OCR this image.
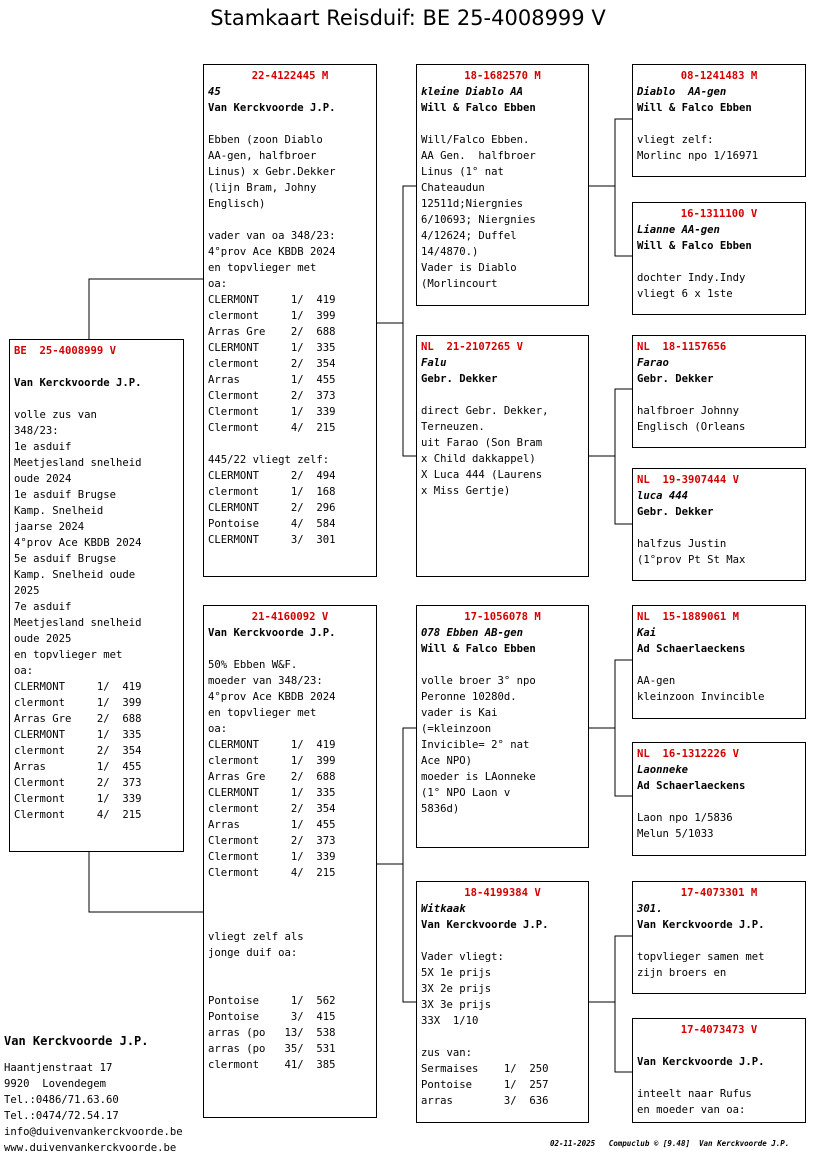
Stamkaart Reisduif: BE 25-4008999 V
BE  25-4008999 V
Van Kerckvoorde J.P.
volle zus van
348/23:
1e asduif
Meetjesland snelheid
oude 2024
1e asduif Brugse
Kamp. Snelheid
jaarse 2024
4°prov Ace KBDB 2024
5e asduif Brugse
Kamp. Snelheid oude
2025
7e asduif
Meetjesland snelheid
oude 2025
en topvlieger met
oa:
CLERMONT     1/  419
clermont     1/  399
Arras Gre    2/  688
CLERMONT     1/  335
clermont     2/  354
Arras        1/  455
Clermont     2/  373
Clermont     1/  339
Clermont     4/  215
22-4122445 M
45
Van Kerckvoorde J.P.
Ebben (zoon Diablo
AA-gen, halfbroer
Linus) x Gebr.Dekker
(lijn Bram, Johny
Englisch)
vader van oa 348/23:
4°prov Ace KBDB 2024
en topvlieger met
oa:
CLERMONT     1/  419
clermont     1/  399
Arras Gre    2/  688
CLERMONT     1/  335
clermont     2/  354
Arras        1/  455
Clermont     2/  373
Clermont     1/  339
Clermont     4/  215
445/22 vliegt zelf:
CLERMONT     2/  494
clermont     1/  168
CLERMONT     2/  296
Pontoise     4/  584
CLERMONT     3/  301
21-4160092 V
Van Kerckvoorde J.P.
50% Ebben W&F.
moeder van 348/23:
4°prov Ace KBDB 2024
en topvlieger met
oa:
CLERMONT     1/  419
clermont     1/  399
Arras Gre    2/  688
CLERMONT     1/  335
clermont     2/  354
Arras        1/  455
Clermont     2/  373
Clermont     1/  339
Clermont     4/  215
vliegt zelf als
jonge duif oa:
Pontoise     1/  562
Pontoise     3/  415
arras (po   13/  538
arras (po   35/  531
clermont    41/  385
18-1682570 M
kleine Diablo AA
Will & Falco Ebben
Will/Falco Ebben.
AA Gen.  halfbroer
Linus (1° nat
Chateaudun
12511d;Niergnies
6/10693; Niergnies
4/12624; Duffel
14/4870.)
Vader is Diablo
(Morlincourt
NL  21-2107265 V
Falu
Gebr. Dekker
direct Gebr. Dekker,
Terneuzen.
uit Farao (Son Bram
x Child dakkappel)
X Luca 444 (Laurens
x Miss Gertje)
17-1056078 M
078 Ebben AB-gen
Will & Falco Ebben
volle broer 3° npo
Peronne 10280d.
vader is Kai
(=kleinzoon
Invicible= 2° nat
Ace NPO)
moeder is LAonneke
(1° NPO Laon v
5836d)
18-4199384 V
Witkaak
Van Kerckvoorde J.P.
Vader vliegt:
5X 1e prijs
3X 2e prijs
3X 3e prijs
33X  1/10
zus van:
Sermaises    1/  250
Pontoise     1/  257
arras        3/  636
08-1241483 M
Diablo  AA-gen
Will & Falco Ebben
vliegt zelf:
Morlinc npo 1/16971
16-1311100 V
Lianne AA-gen
Will & Falco Ebben
dochter Indy.Indy
vliegt 6 x 1ste
NL  18-1157656
Farao
Gebr. Dekker
halfbroer Johnny
Englisch (Orleans
NL  19-3907444 V
luca 444
Gebr. Dekker
halfzus Justin
(1°prov Pt St Max
NL  15-1889061 M
Kai
Ad Schaerlaeckens
AA-gen
kleinzoon Invincible
NL  16-1312226 V
Laonneke
Ad Schaerlaeckens
Laon npo 1/5836
Melun 5/1033
17-4073301 M
301.
Van Kerckvoorde J.P.
topvlieger samen met
zijn broers en
17-4073473 V
Van Kerckvoorde J.P.
inteelt naar Rufus
en moeder van oa:
Van Kerckvoorde J.P.
Haantjenstraat 17
9920  Lovendegem
Tel.:0486/71.63.60
Tel.:0474/72.54.17
info@duivenvankerckvoorde.be
www.duivenvankerckvoorde.be	02-11-2025   Compuclub © [9.48]  Van Kerckvoorde J.P.
